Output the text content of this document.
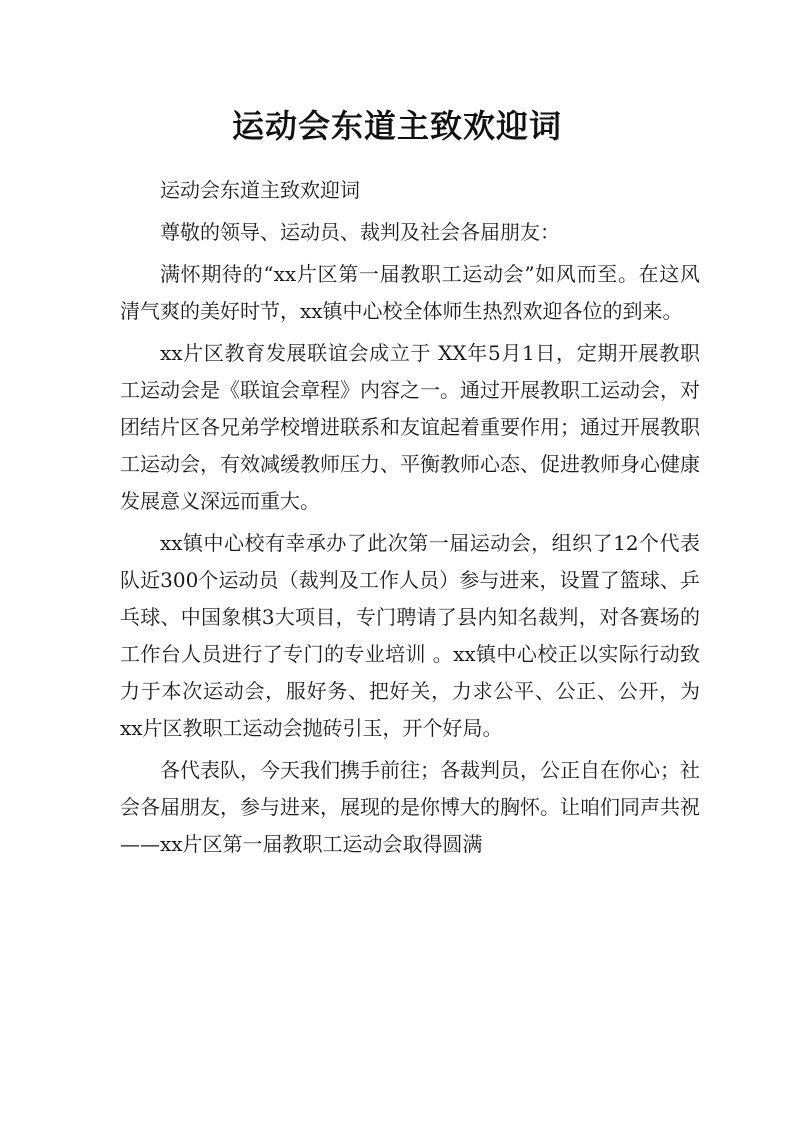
运动会东道主致欢迎词

运动会东道主致欢迎词

尊敬的领导、运动员、裁判及社会各届朋友：

满怀期待的“xx片区第一届教职工运动会”如风而至。在这风清气爽的美好时节，xx镇中心校全体师生热烈欢迎各位的到来。

xx片区教育发展联谊会成立于 XX年5月1日，定期开展教职工运动会是《联谊会章程》内容之一。通过开展教职工运动会，对团结片区各兄弟学校增进联系和友谊起着重要作用；通过开展教职工运动会，有效减缓教师压力、平衡教师心态、促进教师身心健康发展意义深远而重大。

xx镇中心校有幸承办了此次第一届运动会，组织了12个代表队近300个运动员（裁判及工作人员）参与进来，设置了篮球、乒乓球、中国象棋3大项目，专门聘请了县内知名裁判，对各赛场的工作台人员进行了专门的专业培训 。xx镇中心校正以实际行动致力于本次运动会，服好务、把好关，力求公平、公正、公开，为xx片区教职工运动会抛砖引玉，开个好局。

各代表队，今天我们携手前往；各裁判员，公正自在你心；社会各届朋友，参与进来，展现的是你博大的胸怀。让咱们同声共祝——xx片区第一届教职工运动会取得圆满
